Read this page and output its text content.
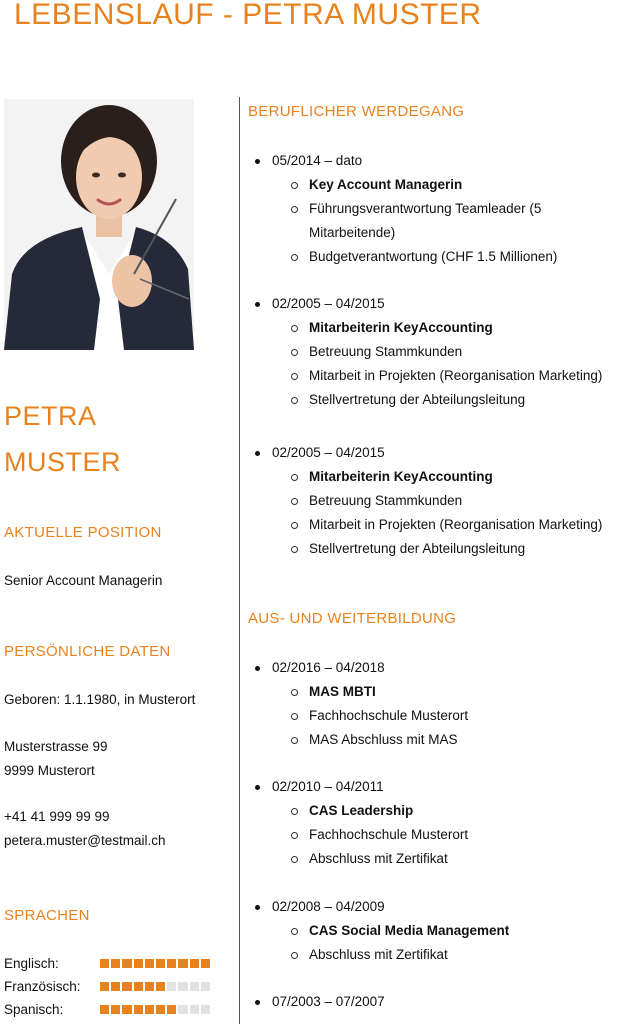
LEBENSLAUF - PETRA MUSTER
PETRA
MUSTER
AKTUELLE POSITION
Senior Account Managerin
PERSÖNLICHE DATEN
Geboren: 1.1.1980, in Musterort
Musterstrasse 99
9999 Musterort
+41 41 999 99 99
petera.muster@testmail.ch
SPRACHEN
Englisch:
Französisch:
Spanisch:
BERUFLICHER WERDEGANG
05/2014 – dato
Key Account Managerin
Führungsverantwortung Teamleader (5 Mitarbeitende)
Budgetverantwortung (CHF 1.5 Millionen)
02/2005 – 04/2015
Mitarbeiterin KeyAccounting
Betreuung Stammkunden
Mitarbeit in Projekten (Reorganisation Marketing)
Stellvertretung der Abteilungsleitung
02/2005 – 04/2015
Mitarbeiterin KeyAccounting
Betreuung Stammkunden
Mitarbeit in Projekten (Reorganisation Marketing)
Stellvertretung der Abteilungsleitung
AUS- UND WEITERBILDUNG
02/2016 – 04/2018
MAS MBTI
Fachhochschule Musterort
MAS Abschluss mit MAS
02/2010 – 04/2011
CAS Leadership
Fachhochschule Musterort
Abschluss mit Zertifikat
02/2008 – 04/2009
CAS Social Media Management
Abschluss mit Zertifikat
07/2003 – 07/2007
